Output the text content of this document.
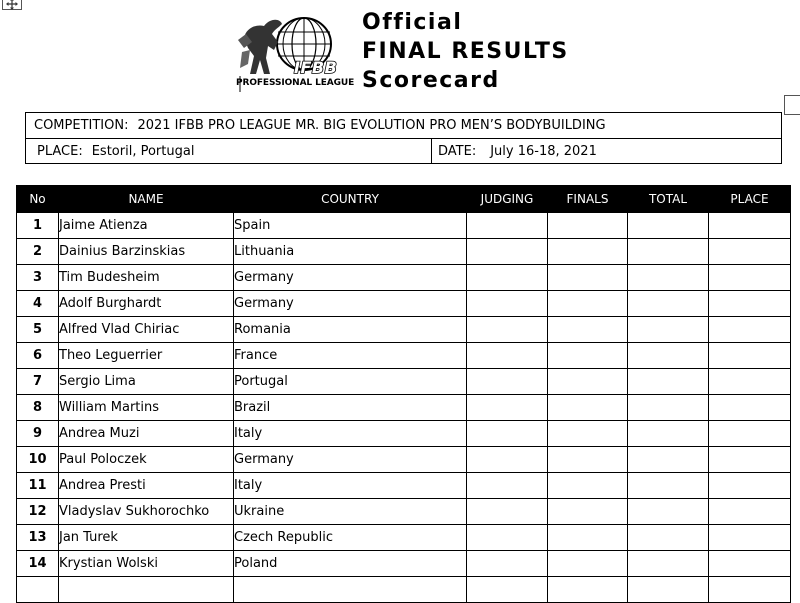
IFBB
PROFESSIONAL LEAGUE
Official
FINAL RESULTS
Scorecard
COMPETITION: 2021 IFBB PRO LEAGUE MR. BIG EVOLUTION PRO MEN’S BODYBUILDING
PLACE: Estoril, Portugal	DATE: July 16-18, 2021
No	NAME	COUNTRY	JUDGING	FINALS	TOTAL	PLACE
1	Jaime Atienza	Spain				
2	Dainius Barzinskias	Lithuania				
3	Tim Budesheim	Germany				
4	Adolf Burghardt	Germany				
5	Alfred Vlad Chiriac	Romania				
6	Theo Leguerrier	France				
7	Sergio Lima	Portugal				
8	William Martins	Brazil				
9	Andrea Muzi	Italy				
10	Paul Poloczek	Germany				
11	Andrea Presti	Italy				
12	Vladyslav Sukhorochko	Ukraine				
13	Jan Turek	Czech Republic				
14	Krystian Wolski	Poland				
